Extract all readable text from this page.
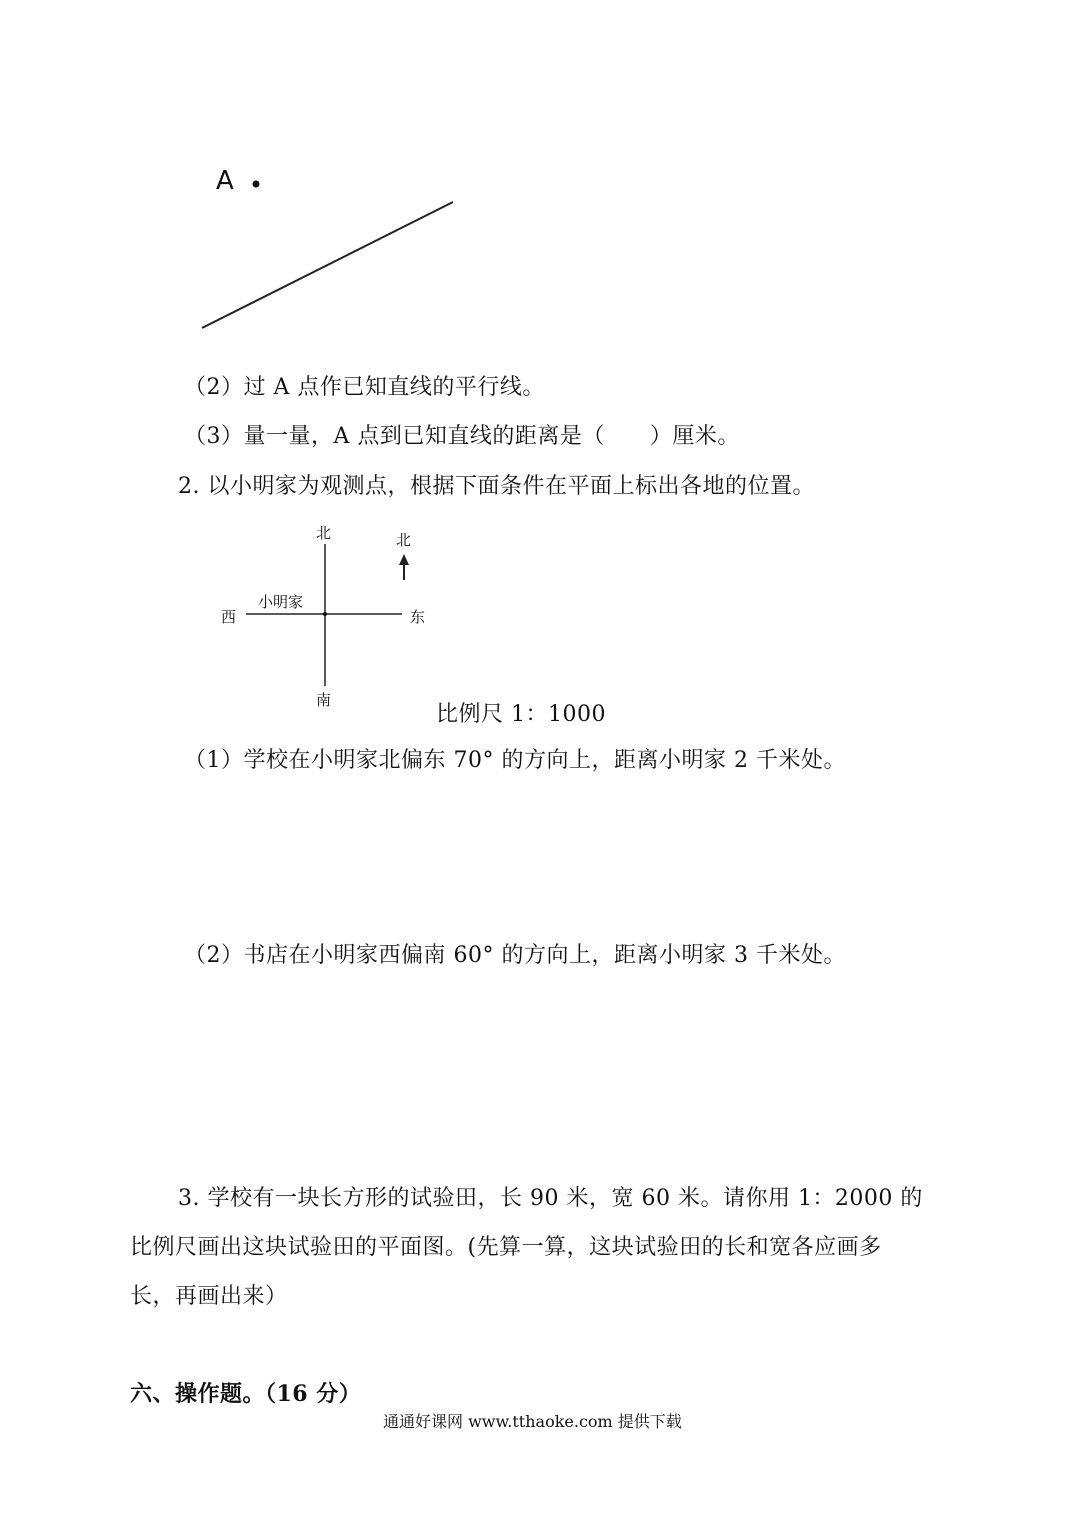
A
（2）过 A 点作已知直线的平行线。
（3）量一量，A 点到已知直线的距离是（　　）厘米。
2. 以小明家为观测点，根据下面条件在平面上标出各地的位置。
北
南
西	东
小明家
北
比例尺 1：1000
（1）学校在小明家北偏东 70° 的方向上，距离小明家 2 千米处。
（2）书店在小明家西偏南 60° 的方向上，距离小明家 3 千米处。
3. 学校有一块长方形的试验田，长 90 米，宽 60 米。请你用 1：2000 的
比例尺画出这块试验田的平面图。(先算一算，这块试验田的长和宽各应画多
长，再画出来）
六、操作题。（16 分）
通通好课网 www.tthaoke.com 提供下载
